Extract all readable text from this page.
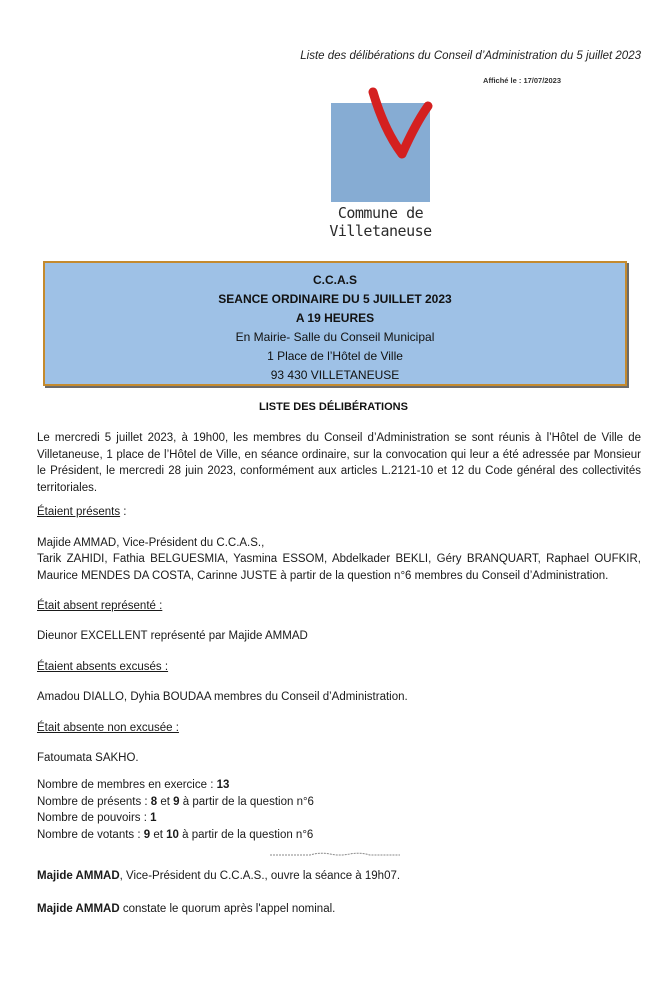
Liste des délibérations du Conseil d’Administration du 5 juillet 2023
Affiché le : 17/07/2023
Commune de
Villetaneuse
C.C.A.S
SEANCE ORDINAIRE DU 5 JUILLET 2023
A 19 HEURES
En Mairie- Salle du Conseil Municipal
1 Place de l’Hôtel de Ville
93 430 VILLETANEUSE
LISTE DES DÉLIBÉRATIONS
Le mercredi 5 juillet 2023, à 19h00, les membres du Conseil d’Administration se sont réunis à l’Hôtel de Ville de Villetaneuse, 1 place de l’Hôtel de Ville, en séance ordinaire, sur la convocation qui leur a été adressée par Monsieur le Président, le mercredi 28 juin 2023, conformément aux articles L.2121-10 et 12 du Code général des collectivités territoriales.
Étaient présents :
Majide AMMAD, Vice-Président du C.C.A.S.,
Tarik ZAHIDI, Fathia BELGUESMIA, Yasmina ESSOM, Abdelkader BEKLI, Géry BRANQUART, Raphael OUFKIR, Maurice MENDES DA COSTA, Carinne JUSTE à partir de la question n°6 membres du Conseil d’Administration.
Était absent représenté :
Dieunor EXCELLENT représenté par Majide AMMAD
Étaient absents excusés :
Amadou DIALLO, Dyhia BOUDAA membres du Conseil d’Administration.
Était absente non excusée :
Fatoumata SAKHO.
Nombre de membres en exercice : 13
Nombre de présents : 8 et 9 à partir de la question n°6
Nombre de pouvoirs : 1
Nombre de votants : 9 et 10 à partir de la question n°6
Majide AMMAD, Vice-Président du C.C.A.S., ouvre la séance à 19h07.
Majide AMMAD constate le quorum après l'appel nominal.
